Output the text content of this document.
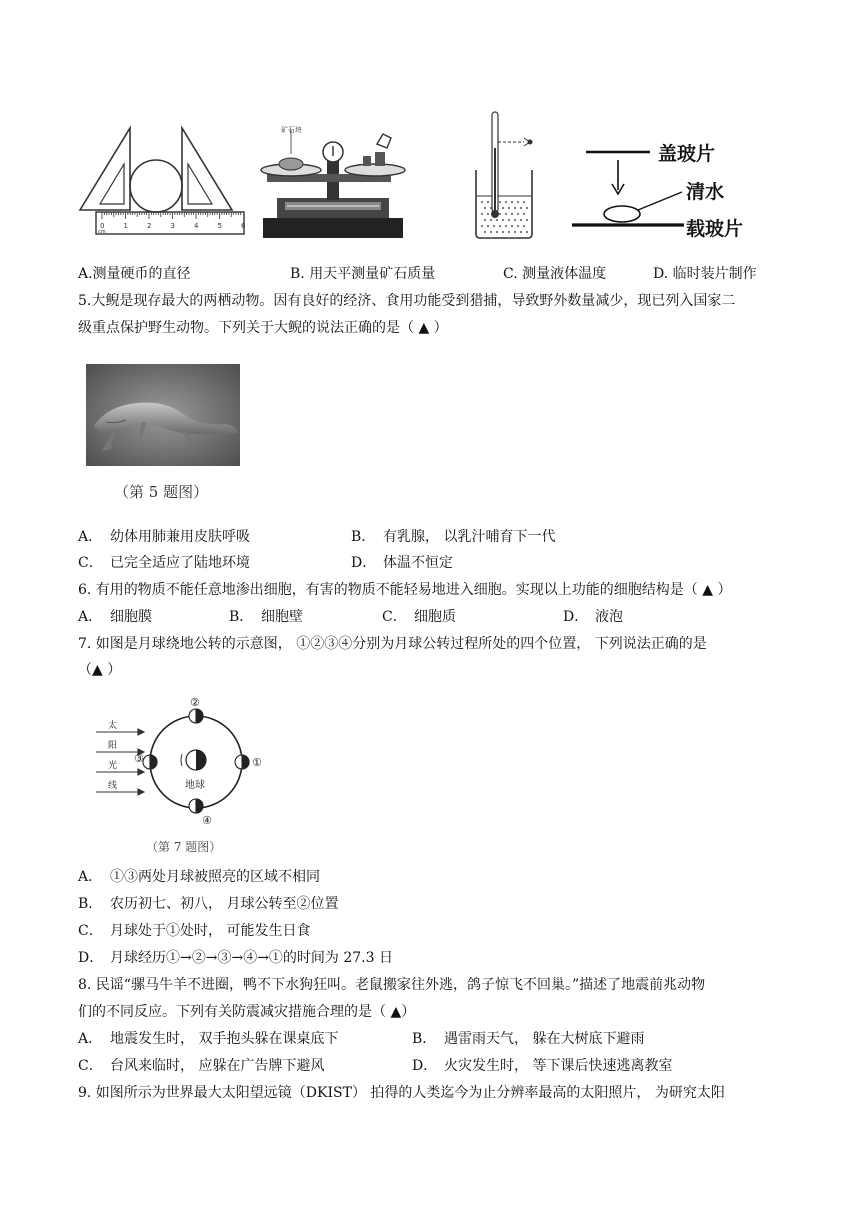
0	1	2	3	4	5	6
cm
矿石块
盖玻片
清水
载玻片
A.测量硬币的直径	B. 用天平测量矿石质量	C. 测量液体温度	D. 临时装片制作
5.大鲵是现存最大的两栖动物。因有良好的经济、食用功能受到猎捕，导致野外数量减少，现已列入国家二
级重点保护野生动物。下列关于大鲵的说法正确的是（ ▲ ）
（第 5 题图）
A． 幼体用肺兼用皮肤呼吸	B． 有乳腺， 以乳汁哺育下一代
C． 已完全适应了陆地环境	D． 体温不恒定
6. 有用的物质不能任意地渗出细胞，有害的物质不能轻易地进入细胞。实现以上功能的细胞结构是（ ▲ ）
A． 细胞膜	B． 细胞壁	C． 细胞质	D． 液泡
7. 如图是月球绕地公转的示意图， ①②③④分别为月球公转过程所处的四个位置， 下列说法正确的是
（▲ ）
太
阳
光
线	地球
②
①
③
④
（第 7 题图）
A． ①③两处月球被照亮的区域不相同
B． 农历初七、初八， 月球公转至②位置
C． 月球处于①处时， 可能发生日食
D． 月球经历①→②→③→④→①的时间为 27.3 日
8. 民谣“骡马牛羊不进圈，鸭不下水狗狂叫。老鼠搬家往外逃，鸽子惊飞不回巢。”描述了地震前兆动物
们的不同反应。下列有关防震减灾措施合理的是（ ▲）
A． 地震发生时， 双手抱头躲在课桌底下	B． 遇雷雨天气， 躲在大树底下避雨
C． 台风来临时， 应躲在广告牌下避风	D． 火灾发生时， 等下课后快速逃离教室
9. 如图所示为世界最大太阳望远镜（DKIST） 拍得的人类迄今为止分辨率最高的太阳照片， 为研究太阳
